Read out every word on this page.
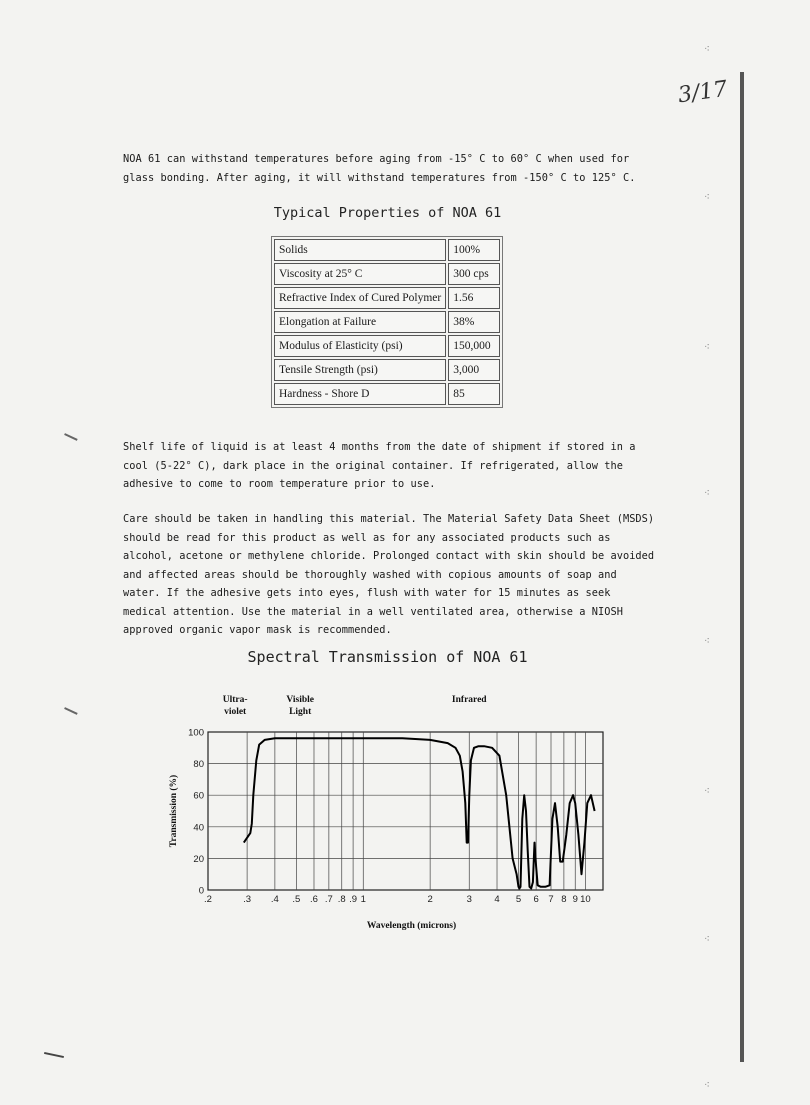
3/17
NOA 61 can withstand temperatures before aging from -15° C to 60° C when used for glass bonding. After aging, it will withstand temperatures from -150° C to 125° C.
Typical Properties of NOA 61
Solids	100%
Viscosity at 25° C	300 cps
Refractive Index of Cured Polymer	1.56
Elongation at Failure	38%
Modulus of Elasticity (psi)	150,000
Tensile Strength (psi)	3,000
Hardness - Shore D	85
Shelf life of liquid is at least 4 months from the date of shipment if stored in a cool (5-22° C), dark place in the original container. If refrigerated, allow the adhesive to come to room temperature prior to use.
Care should be taken in handling this material. The Material Safety Data Sheet (MSDS) should be read for this product as well as for any associated products such as alcohol, acetone or methylene chloride. Prolonged contact with skin should be avoided and affected areas should be thoroughly washed with copious amounts of soap and water. If the adhesive gets into eyes, flush with water for 15 minutes as seek medical attention. Use the material in a well ventilated area, otherwise a NIOSH approved organic vapor mask is recommended.
Spectral Transmission of NOA 61
.2	.3 .4 .5 .6 .7 .8 .9 1	2	3 4 5 6 7 8 9 10
0
20
40
60
80
100
Wavelength (microns)
Transmission (%)
Ultra-violet
Visible Light
Infrared
⁖
⁖
⁖
⁖
⁖
⁖
⁖
⁖
